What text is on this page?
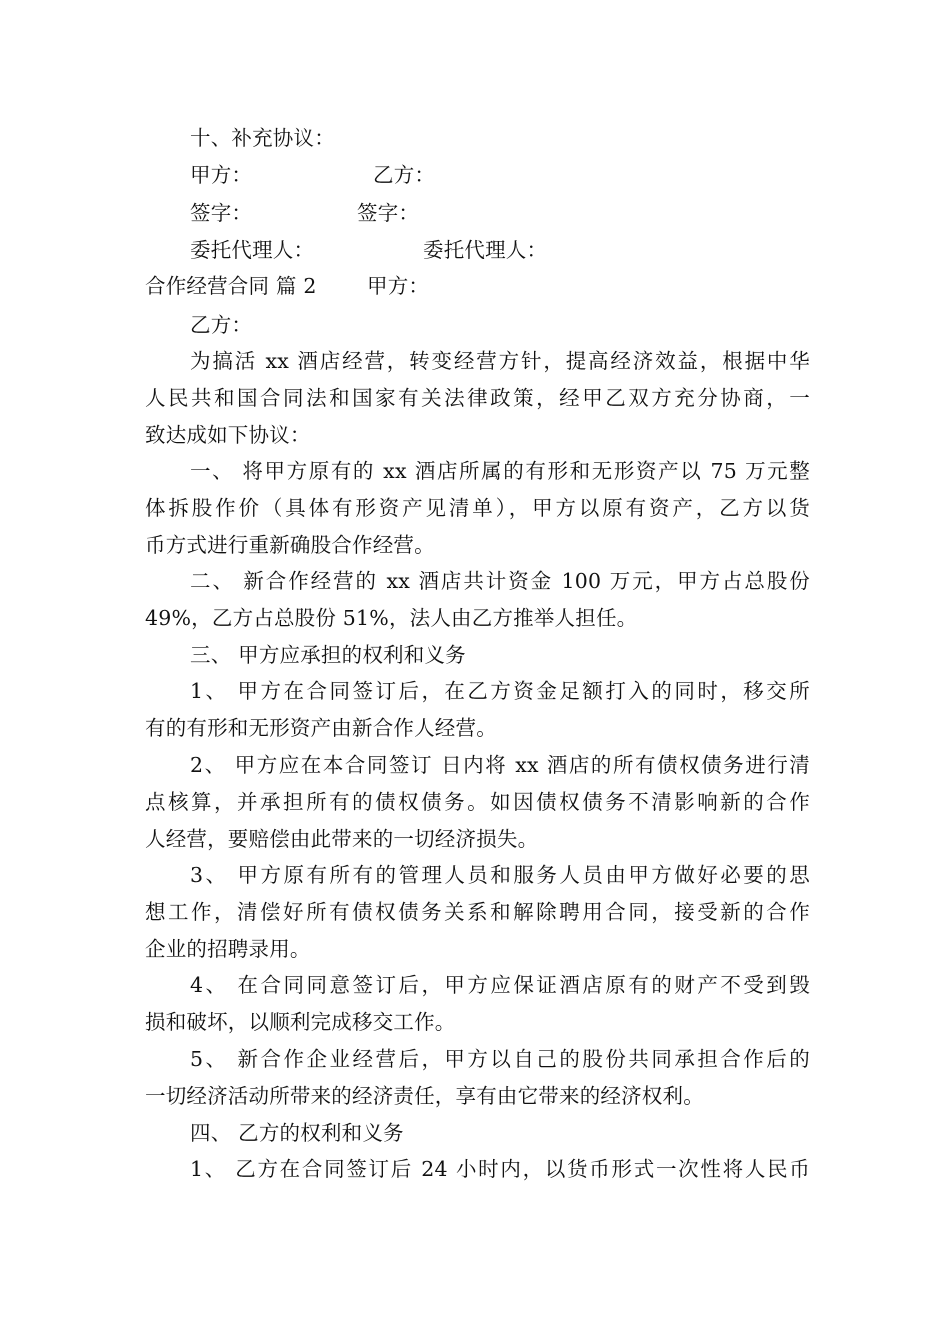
十、补充协议：
甲方：	乙方：
签字：	签字：
委托代理人：	委托代理人：
合作经营合同 篇 2 甲方：
乙方：
为搞活 xx 酒店经营，转变经营方针，提高经济效益，根据中华
人民共和国合同法和国家有关法律政策，经甲乙双方充分协商，一
致达成如下协议：
一、 将甲方原有的 xx 酒店所属的有形和无形资产以 75 万元整
体拆股作价（具体有形资产见清单），甲方以原有资产，乙方以货
币方式进行重新确股合作经营。
二、 新合作经营的 xx 酒店共计资金 100 万元，甲方占总股份
49%，乙方占总股份 51%，法人由乙方推举人担任。
三、 甲方应承担的权利和义务
1、 甲方在合同签订后，在乙方资金足额打入的同时，移交所
有的有形和无形资产由新合作人经营。
2、 甲方应在本合同签订 日内将 xx 酒店的所有债权债务进行清
点核算，并承担所有的债权债务。如因债权债务不清影响新的合作
人经营，要赔偿由此带来的一切经济损失。
3、 甲方原有所有的管理人员和服务人员由甲方做好必要的思
想工作，清偿好所有债权债务关系和解除聘用合同，接受新的合作
企业的招聘录用。
4、 在合同同意签订后，甲方应保证酒店原有的财产不受到毁
损和破坏，以顺利完成移交工作。
5、 新合作企业经营后，甲方以自己的股份共同承担合作后的
一切经济活动所带来的经济责任，享有由它带来的经济权利。
四、 乙方的权利和义务
1、 乙方在合同签订后 24 小时内，以货币形式一次性将人民币
